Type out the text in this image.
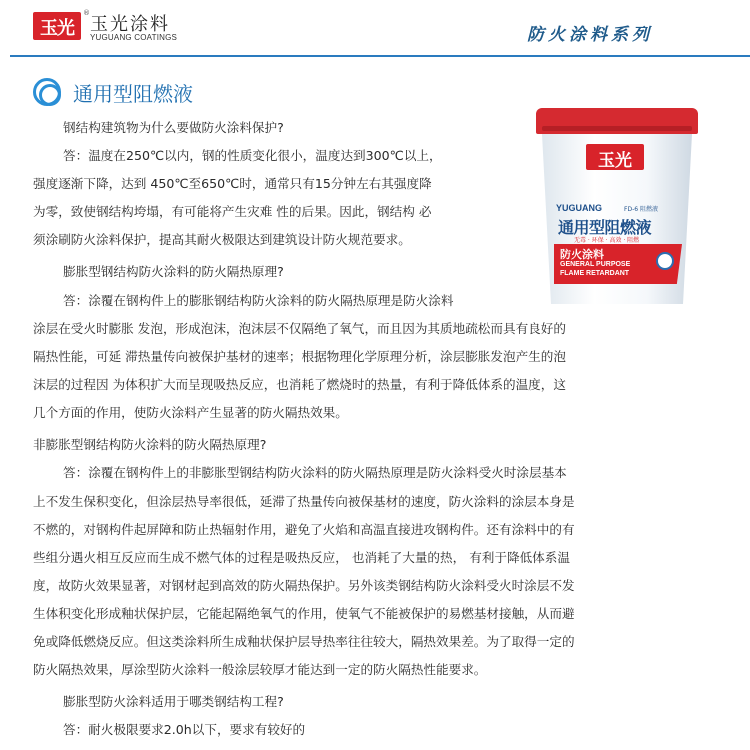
玉光
®
玉光涂料
YUGUANG COATINGS	防火涂料系列
通用型阻燃液
玉光
YUGUANG	FD-6 阻燃液
通用型阻燃液
无毒 · 环保 · 高效 · 阻燃
防火涂料
GENERAL PURPOSE
FLAME RETARDANT
钢结构建筑物为什么要做防火涂料保护?
答：温度在250℃以内，钢的性质变化很小，温度达到300℃以上，
强度逐渐下降，达到 450℃至650℃时，通常只有15分钟左右其强度降
为零，致使钢结构垮塌，有可能将产生灾难 性的后果。因此，钢结构 必
须涂刷防火涂料保护，提高其耐火极限达到建筑设计防火规范要求。
膨胀型钢结构防火涂料的防火隔热原理?
答：涂覆在钢构件上的膨胀钢结构防火涂料的防火隔热原理是防火涂料
涂层在受火时膨胀 发泡，形成泡沫，泡沫层不仅隔绝了氧气，而且因为其质地疏松而具有良好的
隔热性能，可延 滞热量传向被保护基材的速率；根据物理化学原理分析，涂层膨胀发泡产生的泡
沫层的过程因 为体积扩大而呈现吸热反应，也消耗了燃烧时的热量，有利于降低体系的温度，这
几个方面的作用，使防火涂料产生显著的防火隔热效果。
非膨胀型钢结构防火涂料的防火隔热原理?
答：涂覆在钢构件上的非膨胀型钢结构防火涂料的防火隔热原理是防火涂料受火时涂层基本
上不发生保积变化，但涂层热导率很低，延滞了热量传向被保基材的速度，防火涂料的涂层本身是
不燃的，对钢构件起屏障和防止热辐射作用，避免了火焰和高温直接进攻钢构件。还有涂料中的有
些组分遇火相互反应而生成不燃气体的过程是吸热反应， 也消耗了大量的热， 有利于降低体系温
度，故防火效果显著，对钢材起到高效的防火隔热保护。另外该类钢结构防火涂料受火时涂层不发
生体积变化形成釉状保护层，它能起隔绝氧气的作用，使氧气不能被保护的易燃基材接触，从而避
免或降低燃烧反应。但这类涂料所生成釉状保护层导热率往往较大，隔热效果差。为了取得一定的
防火隔热效果，厚涂型防火涂料一般涂层较厚才能达到一定的防火隔热性能要求。
膨胀型防火涂料适用于哪类钢结构工程?
答：耐火极限要求2.0h以下，要求有较好的
